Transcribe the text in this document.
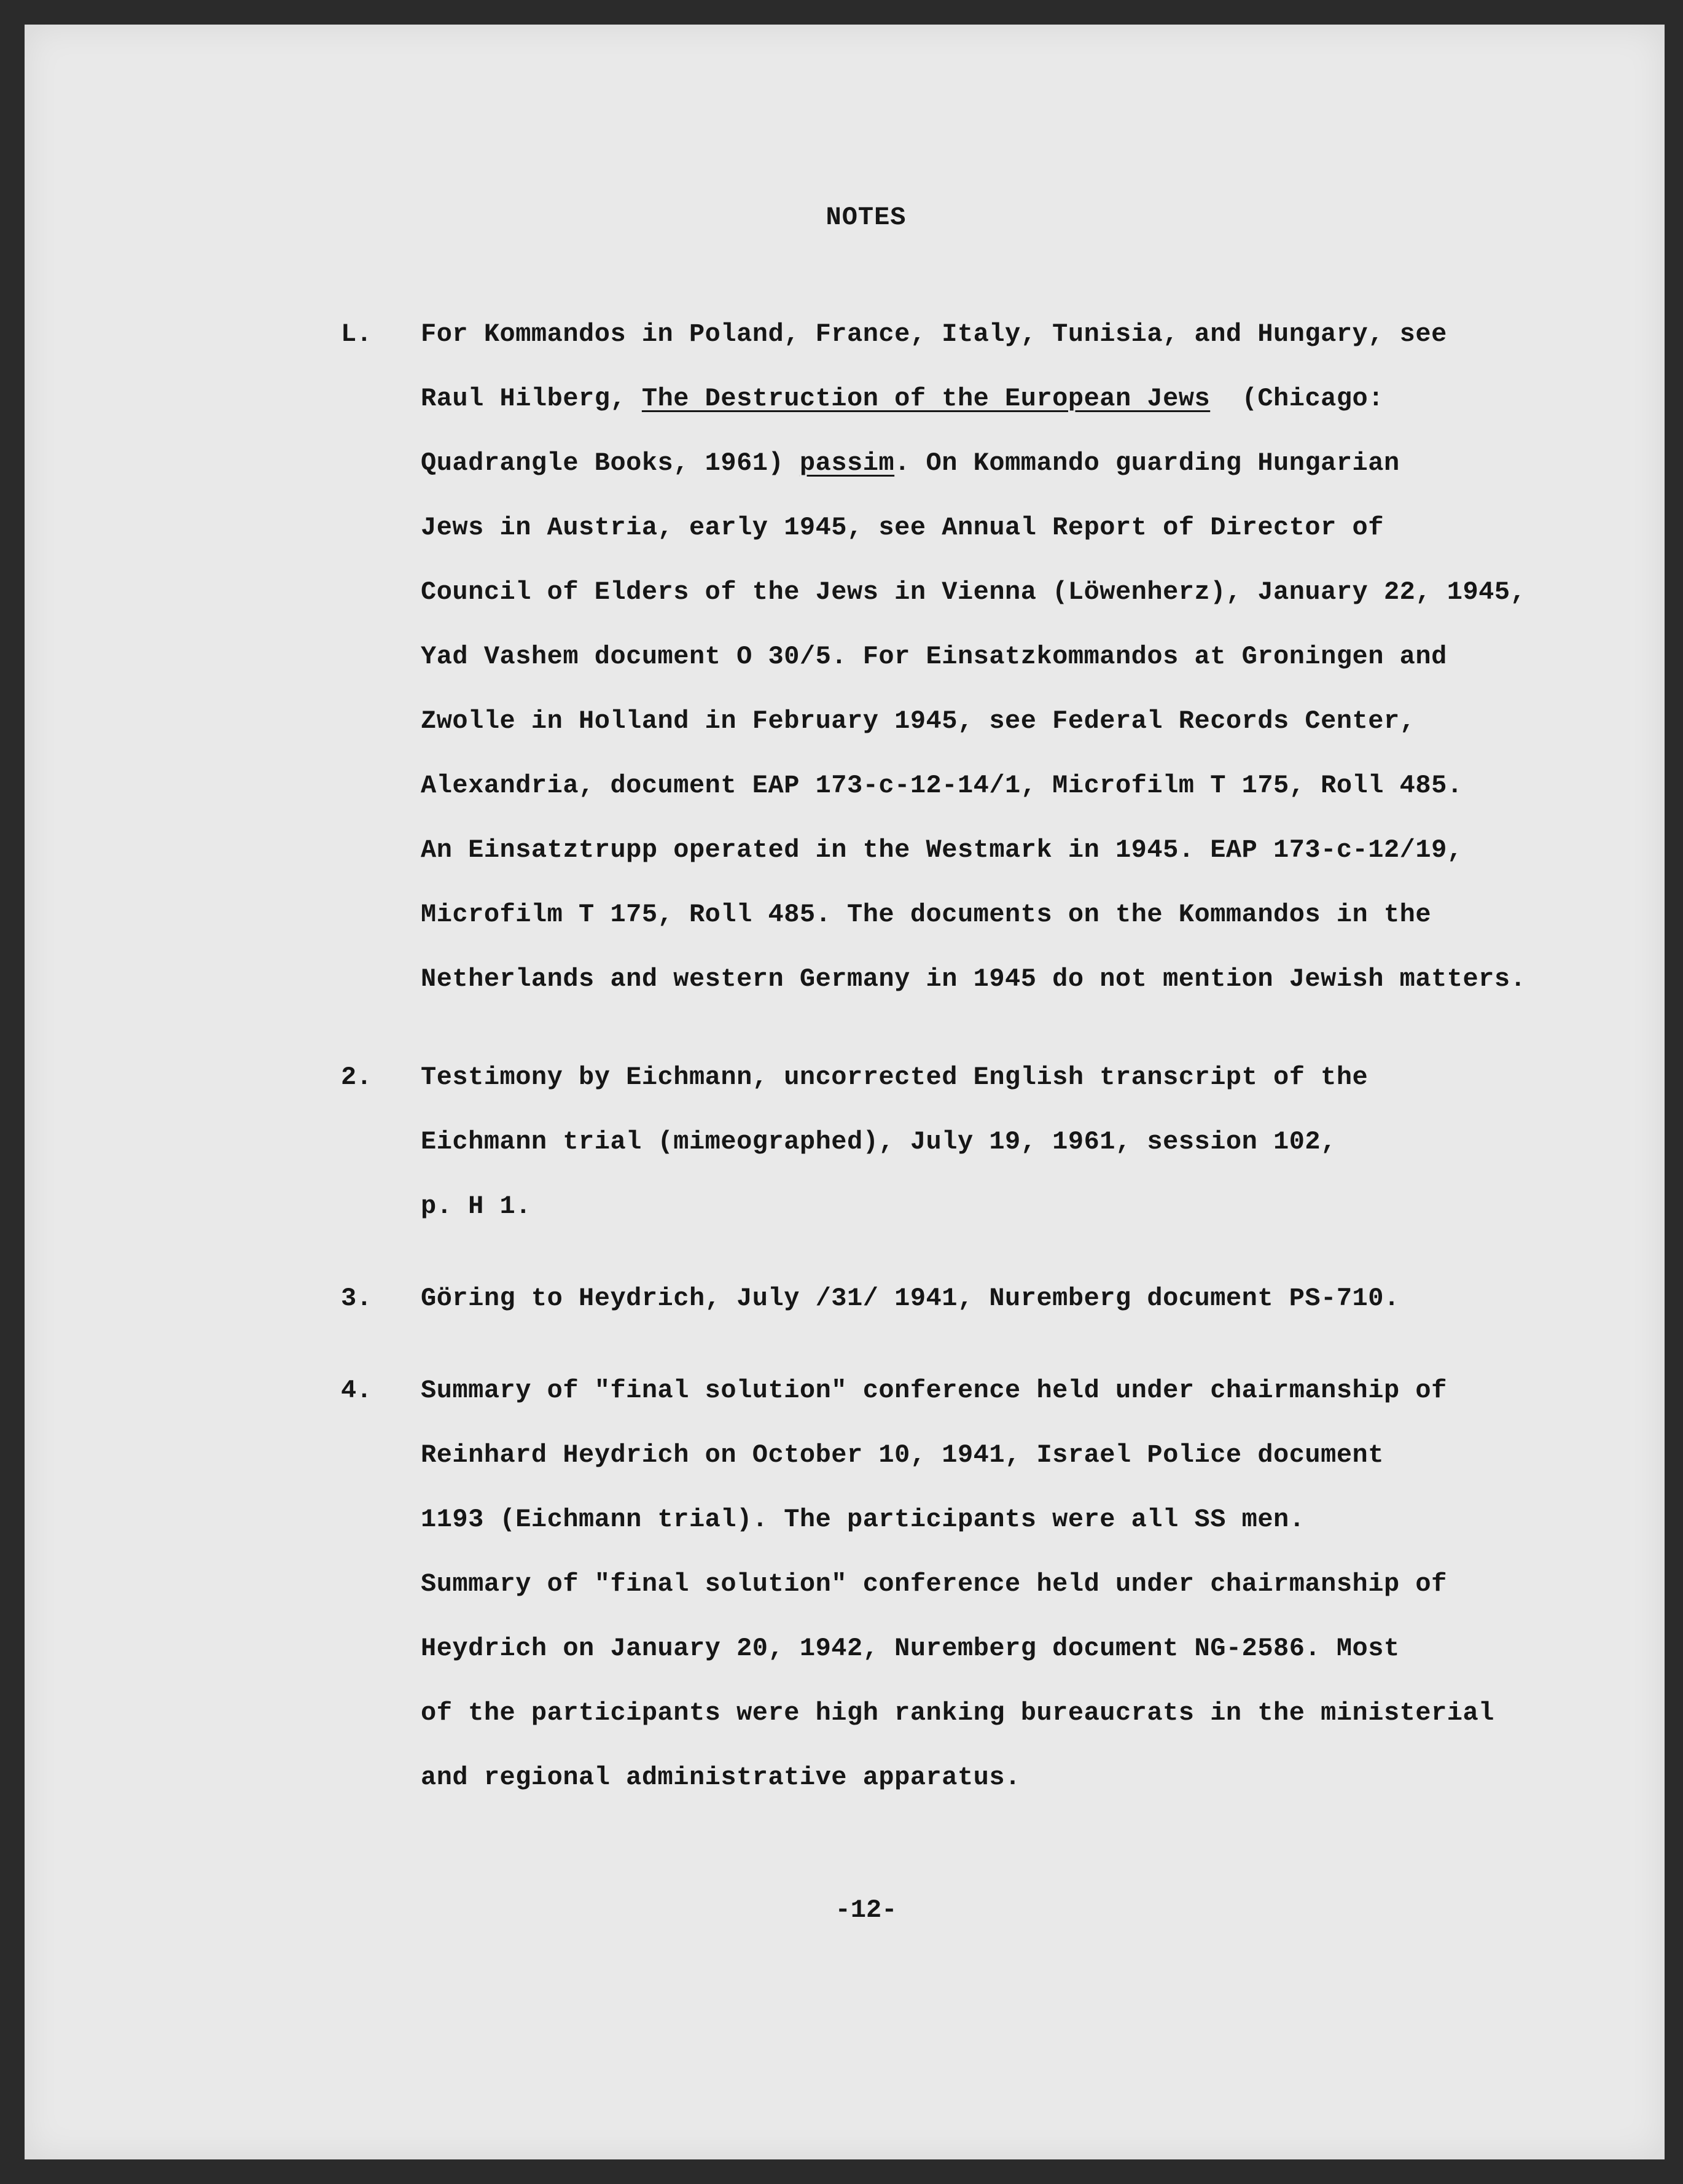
NOTES
L. For Kommandos in Poland, France, Italy, Tunisia, and Hungary, see
Raul Hilberg, The Destruction of the European Jews  (Chicago:
Quadrangle Books, 1961) passim. On Kommando guarding Hungarian
Jews in Austria, early 1945, see Annual Report of Director of
Council of Elders of the Jews in Vienna (Löwenherz), January 22, 1945,
Yad Vashem document O 30/5. For Einsatzkommandos at Groningen and
Zwolle in Holland in February 1945, see Federal Records Center,
Alexandria, document EAP 173-c-12-14/1, Microfilm T 175, Roll 485.
An Einsatztrupp operated in the Westmark in 1945. EAP 173-c-12/19,
Microfilm T 175, Roll 485. The documents on the Kommandos in the
Netherlands and western Germany in 1945 do not mention Jewish matters.
2. Testimony by Eichmann, uncorrected English transcript of the
Eichmann trial (mimeographed), July 19, 1961, session 102,
p. H 1.
3. Göring to Heydrich, July /31/ 1941, Nuremberg document PS-710.
4. Summary of "final solution" conference held under chairmanship of
Reinhard Heydrich on October 10, 1941, Israel Police document
1193 (Eichmann trial). The participants were all SS men.
Summary of "final solution" conference held under chairmanship of
Heydrich on January 20, 1942, Nuremberg document NG-2586. Most
of the participants were high ranking bureaucrats in the ministerial
and regional administrative apparatus.
-12-
